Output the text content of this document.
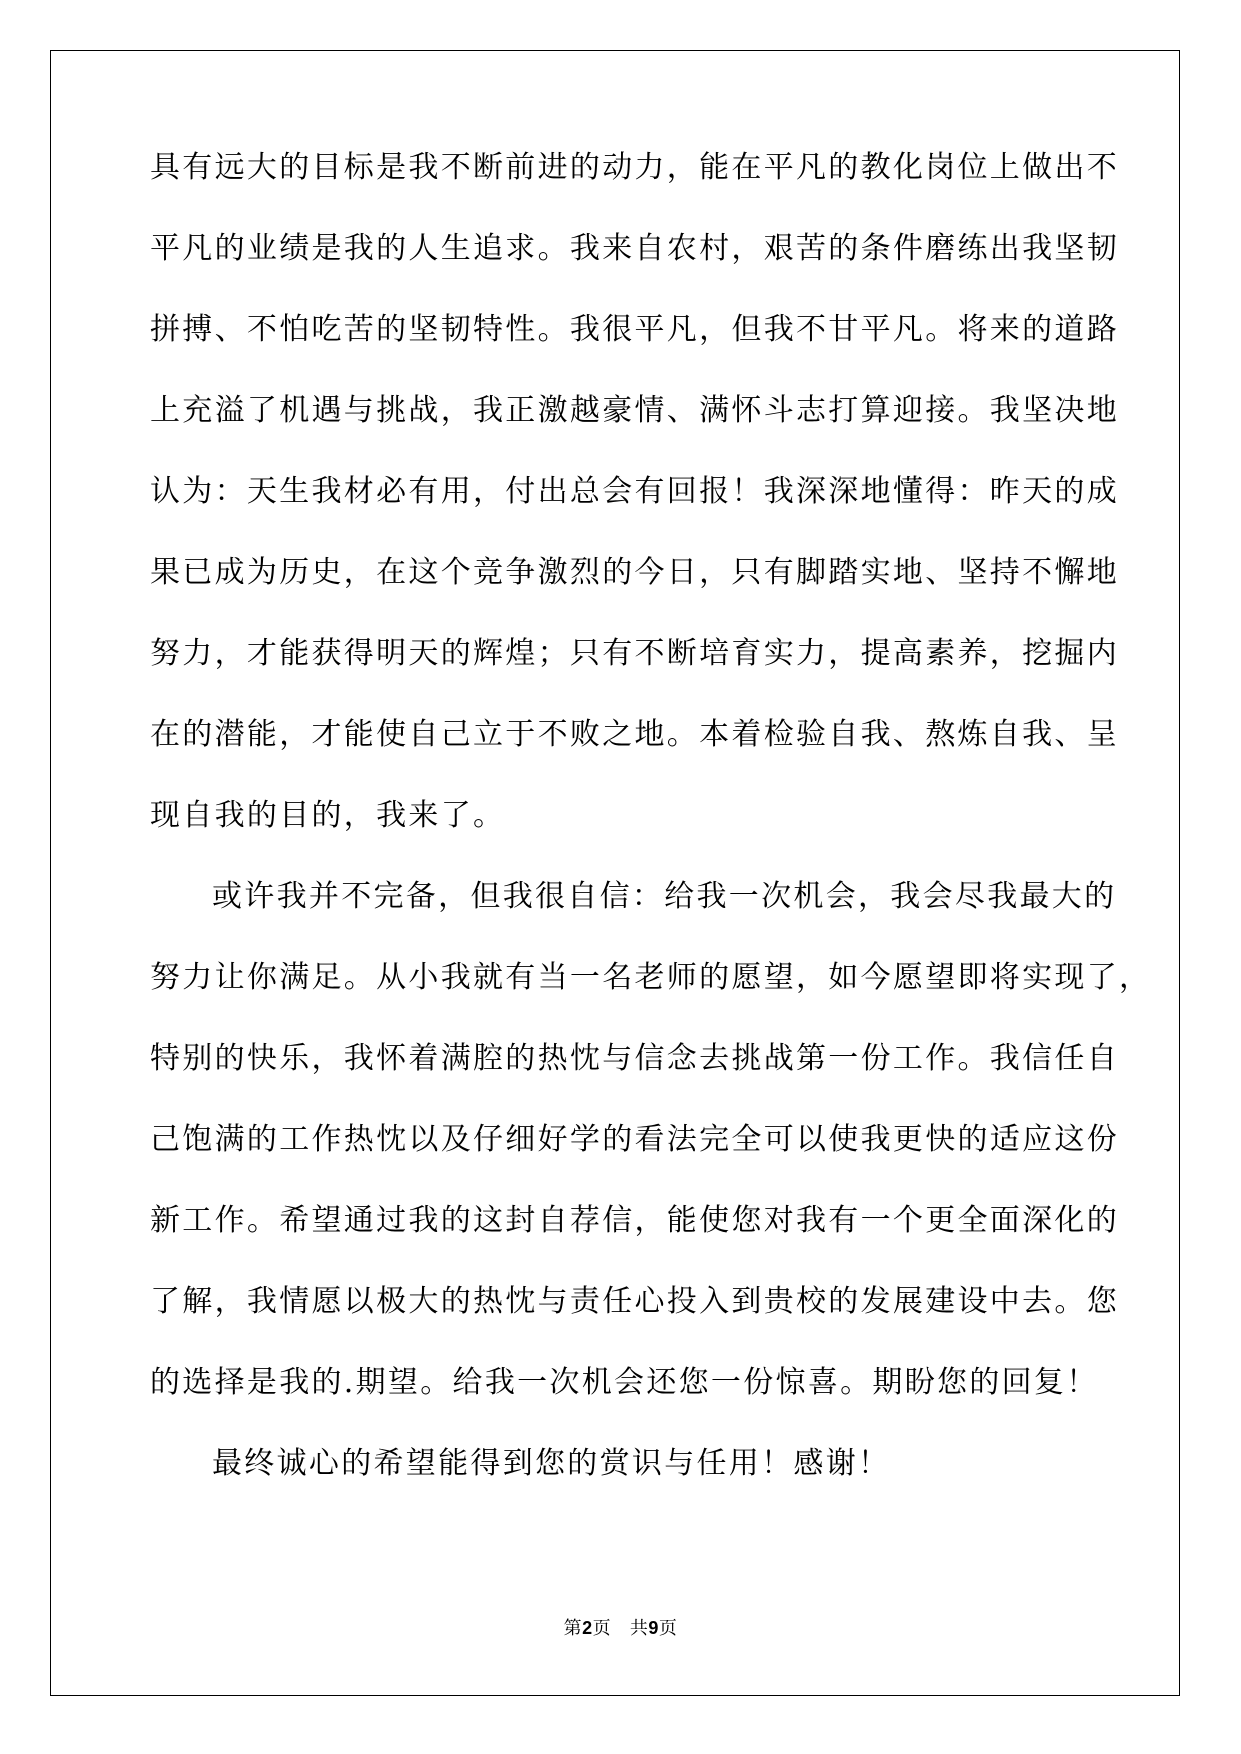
具有远大的目标是我不断前进的动力，能在平凡的教化岗位上做出不
平凡的业绩是我的人生追求。我来自农村，艰苦的条件磨练出我坚韧
拼搏、不怕吃苦的坚韧特性。我很平凡，但我不甘平凡。将来的道路
上充溢了机遇与挑战，我正激越豪情、满怀斗志打算迎接。我坚决地
认为：天生我材必有用，付出总会有回报！我深深地懂得：昨天的成
果已成为历史，在这个竞争激烈的今日，只有脚踏实地、坚持不懈地
努力，才能获得明天的辉煌；只有不断培育实力，提高素养，挖掘内
在的潜能，才能使自己立于不败之地。本着检验自我、熬炼自我、呈
现自我的目的，我来了。
或许我并不完备，但我很自信：给我一次机会，我会尽我最大的
努力让你满足。从小我就有当一名老师的愿望，如今愿望即将实现了，
特别的快乐，我怀着满腔的热忱与信念去挑战第一份工作。我信任自
己饱满的工作热忱以及仔细好学的看法完全可以使我更快的适应这份
新工作。希望通过我的这封自荐信，能使您对我有一个更全面深化的
了解，我情愿以极大的热忱与责任心投入到贵校的发展建设中去。您
的选择是我的.期望。给我一次机会还您一份惊喜。期盼您的回复！
最终诚心的希望能得到您的赏识与任用！感谢！
第2页 共9页
